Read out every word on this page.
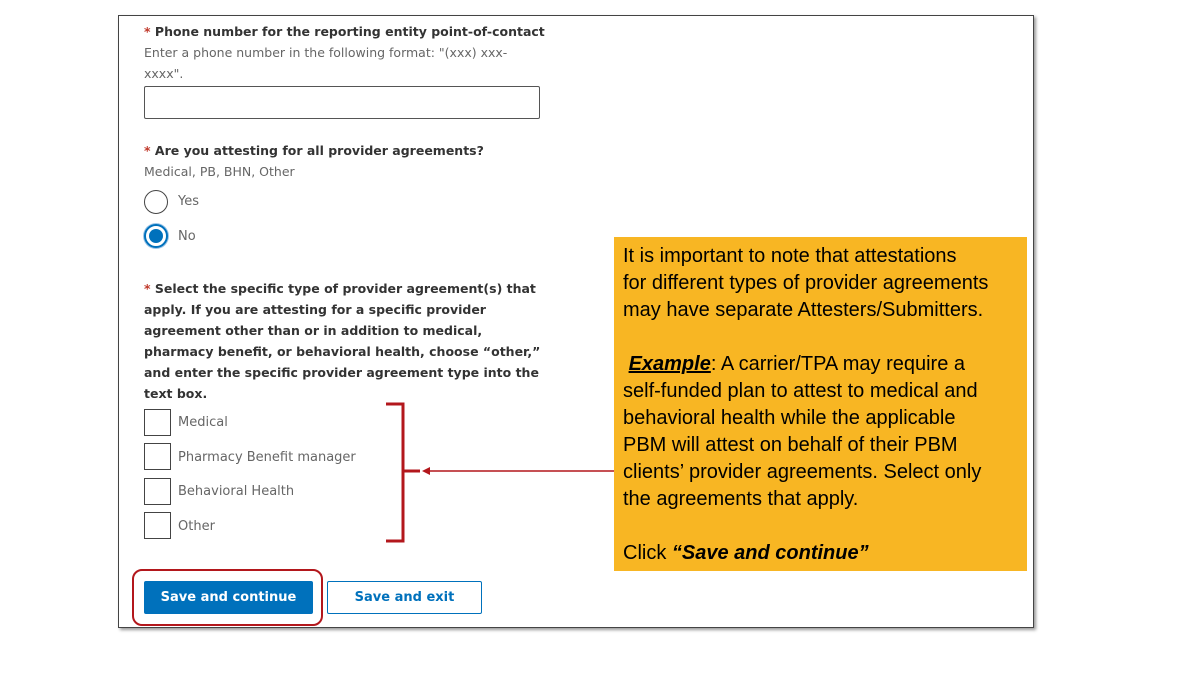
* Phone number for the reporting entity point-of-contact
Enter a phone number in the following format: "(xxx) xxx-
xxxx".
* Are you attesting for all provider agreements?
Medical, PB, BHN, Other
Yes
No
* Select the specific type of provider agreement(s) that
apply. If you are attesting for a specific provider
agreement other than or in addition to medical,
pharmacy benefit, or behavioral health, choose “other,”
and enter the specific provider agreement type into the
text box.
Medical
Pharmacy Benefit manager
Behavioral Health
Other
Save and continue	Save and exit
It is important to note that attestations
for different types of provider agreements
may have separate Attesters/Submitters.
Example: A carrier/TPA may require a
self-funded plan to attest to medical and
behavioral health while the applicable
PBM will attest on behalf of their PBM
clients’ provider agreements. Select only
the agreements that apply.
Click “Save and continue”
